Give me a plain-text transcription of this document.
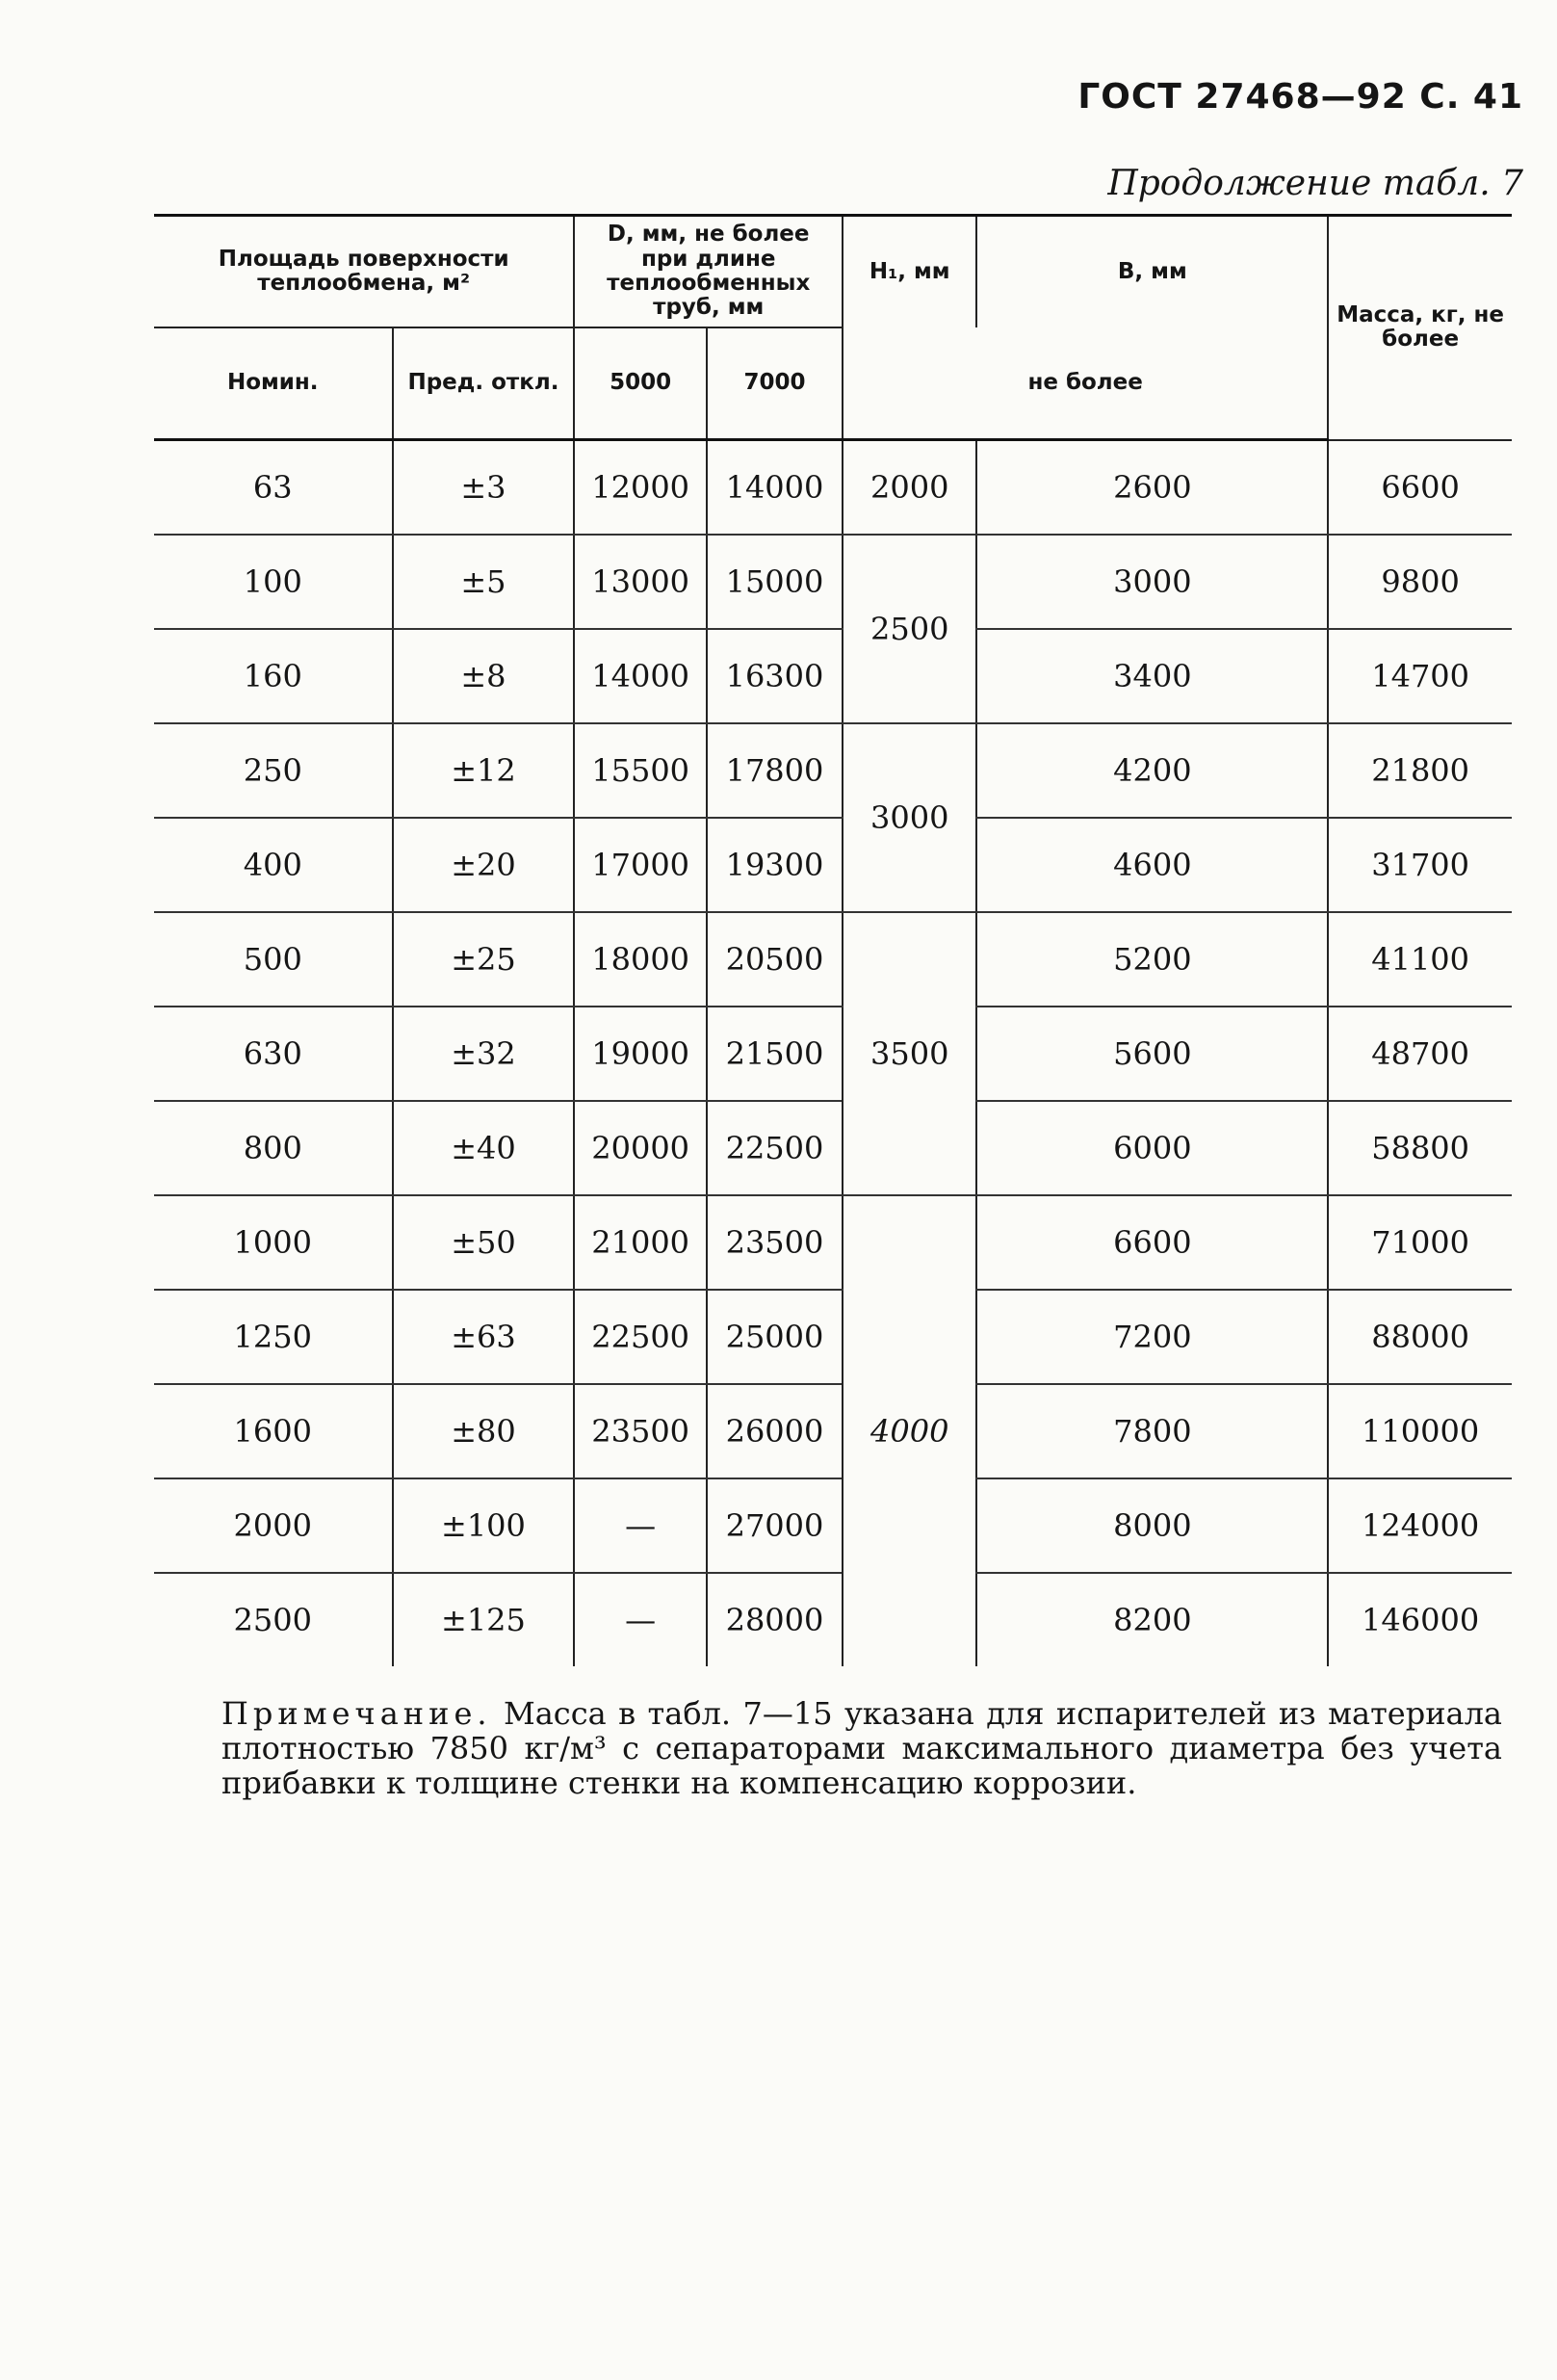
ГОСТ 27468—92 С. 41
Продолжение табл. 7
Площадь поверхности теплообмена, м²		D, мм, не более при длине теплообменных труб, мм		H₁, мм	B, мм	Масса, кг, не более
Номин.	Пред. откл.	5000	7000	не более		
63	±3	12000	14000	2000	2600	6600
100	±5	13000	15000	2500	3000	9800
160	±8	14000	16300		3400	14700
250	±12	15500	17800	3000	4200	21800
400	±20	17000	19300		4600	31700
500	±25	18000	20500	3500	5200	41100
630	±32	19000	21500		5600	48700
800	±40	20000	22500		6000	58800
1000	±50	21000	23500	4000	6600	71000
1250	±63	22500	25000		7200	88000
1600	±80	23500	26000		7800	110000
2000	±100	—	27000		8000	124000
2500	±125	—	28000		8200	146000
Примечание. Масса в табл. 7—15 указана для испарителей из материала плотностью 7850 кг/м³ с сепараторами максимального диаметра без учета прибавки к толщине стенки на компенсацию коррозии.
